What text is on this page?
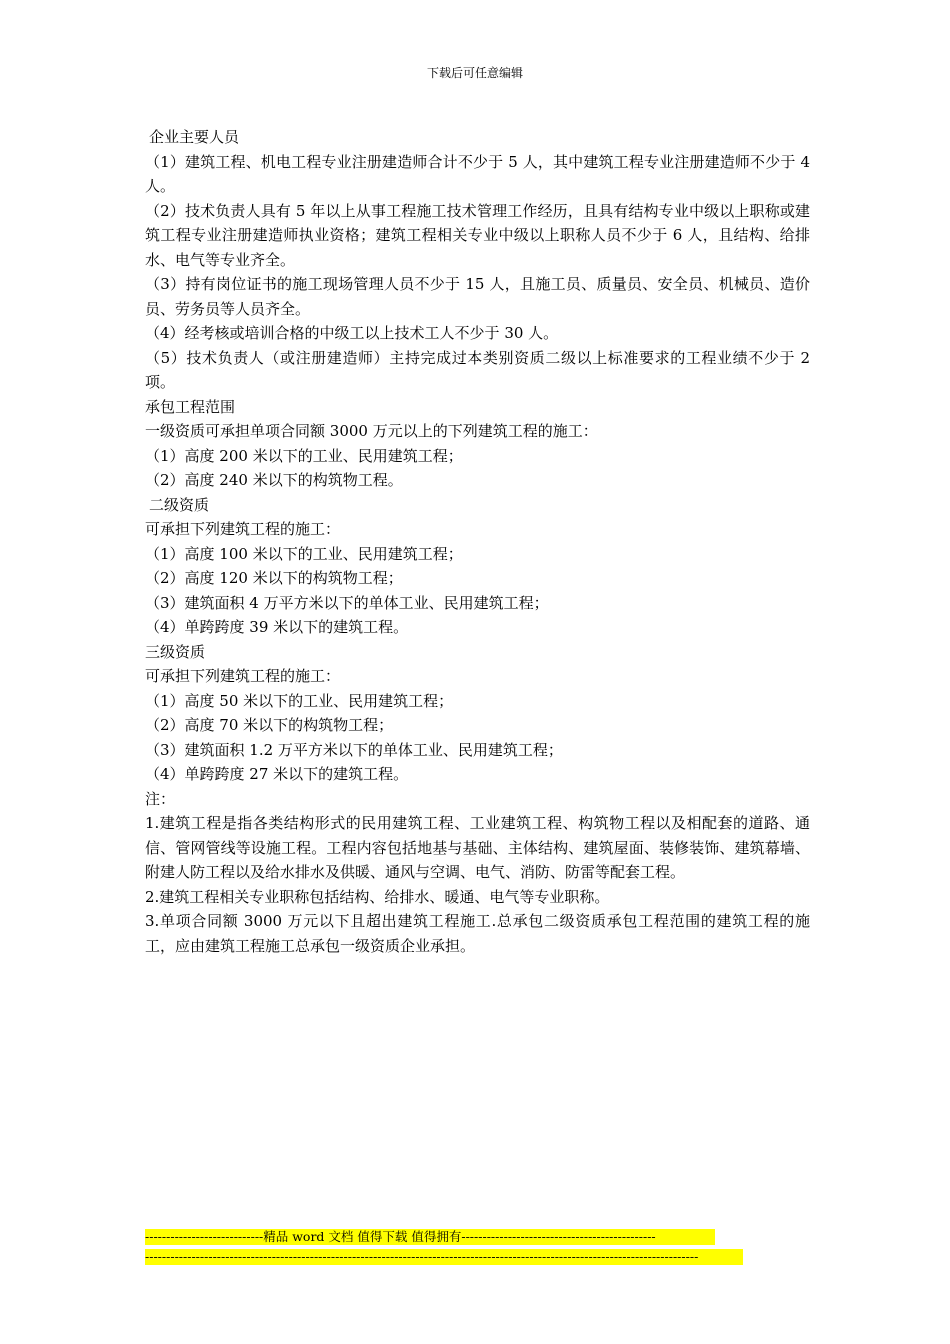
下载后可任意编辑
企业主要人员
（1）建筑工程、机电工程专业注册建造师合计不少于 5 人，其中建筑工程专业注册建造师不少于 4 人。
（2）技术负责人具有 5 年以上从事工程施工技术管理工作经历，且具有结构专业中级以上职称或建筑工程专业注册建造师执业资格；建筑工程相关专业中级以上职称人员不少于 6 人，且结构、给排水、电气等专业齐全。
（3）持有岗位证书的施工现场管理人员不少于 15 人，且施工员、质量员、安全员、机械员、造价员、劳务员等人员齐全。
（4）经考核或培训合格的中级工以上技术工人不少于 30 人。
（5）技术负责人（或注册建造师）主持完成过本类别资质二级以上标准要求的工程业绩不少于 2 项。
承包工程范围
一级资质可承担单项合同额 3000 万元以上的下列建筑工程的施工：
（1）高度 200 米以下的工业、民用建筑工程；
（2）高度 240 米以下的构筑物工程。
二级资质
可承担下列建筑工程的施工：
（1）高度 100 米以下的工业、民用建筑工程；
（2）高度 120 米以下的构筑物工程；
（3）建筑面积 4 万平方米以下的单体工业、民用建筑工程；
（4）单跨跨度 39 米以下的建筑工程。
三级资质
可承担下列建筑工程的施工：
（1）高度 50 米以下的工业、民用建筑工程；
（2）高度 70 米以下的构筑物工程；
（3）建筑面积 1.2 万平方米以下的单体工业、民用建筑工程；
（4）单跨跨度 27 米以下的建筑工程。
注：
1.建筑工程是指各类结构形式的民用建筑工程、工业建筑工程、构筑物工程以及相配套的道路、通信、管网管线等设施工程。工程内容包括地基与基础、主体结构、建筑屋面、装修装饰、建筑幕墙、附建人防工程以及给水排水及供暖、通风与空调、电气、消防、防雷等配套工程。
2.建筑工程相关专业职称包括结构、给排水、暖通、电气等专业职称。
3.单项合同额 3000 万元以下且超出建筑工程施工.总承包二级资质承包工程范围的建筑工程的施工，应由建筑工程施工总承包一级资质企业承担。
----------------------------精品 word 文档 值得下载 值得拥有----------------------------------------------
-----------------------------------------------------------------------------------------------------------------------------------
